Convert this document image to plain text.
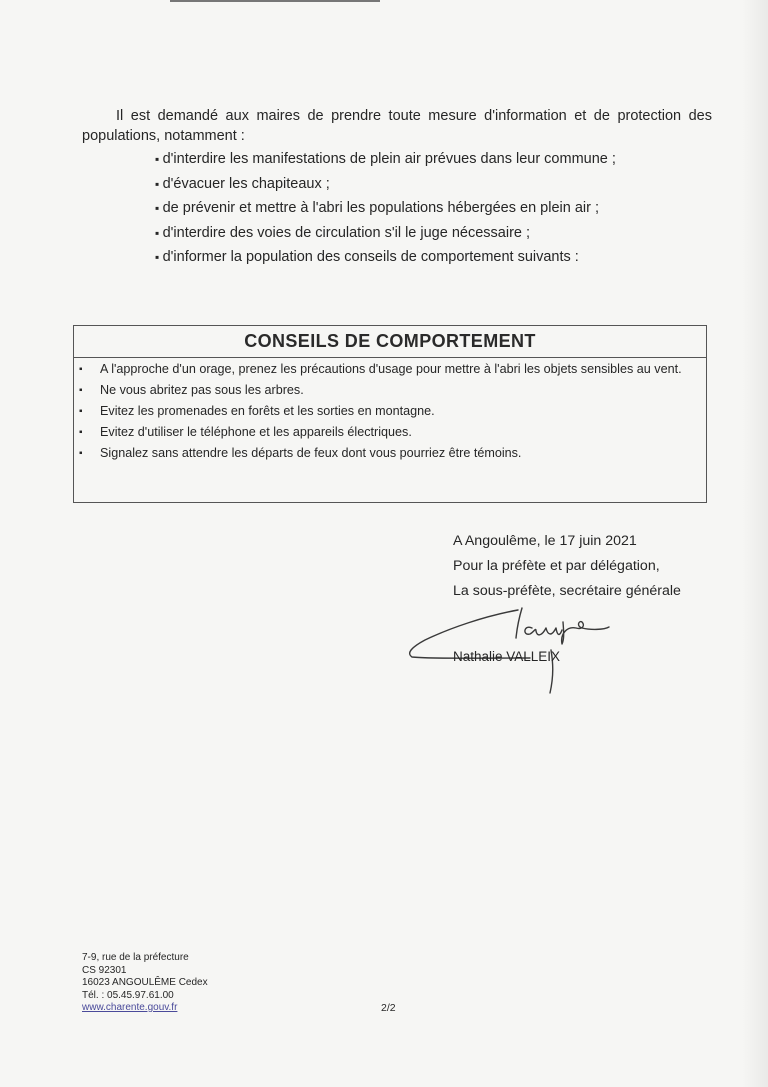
Il est demandé aux maires de prendre toute mesure d'information et de protection des populations, notamment :

▪ d'interdire les manifestations de plein air prévues dans leur commune ;
▪ d'évacuer les chapiteaux ;
▪ de prévenir et mettre à l'abri les populations hébergées en plein air ;
▪ d'interdire des voies de circulation s'il le juge nécessaire ;
▪ d'informer la population des conseils de comportement suivants :
CONSEILS DE COMPORTEMENT
▪ A l'approche d'un orage, prenez les précautions d'usage pour mettre à l'abri les objets sensibles au vent.
▪ Ne vous abritez pas sous les arbres.
▪ Evitez les promenades en forêts et les sorties en montagne.
▪ Evitez d'utiliser le téléphone et les appareils électriques.
▪ Signalez sans attendre les départs de feux dont vous pourriez être témoins.
A Angoulême, le 17 juin 2021
Pour la préfète et par délégation,
La sous-préfète, secrétaire générale
Nathalie VALLEIX
7-9, rue de la préfecture
CS 92301
16023 ANGOULÊME Cedex
Tél. : 05.45.97.61.00
www.charente.gouv.fr	2/2
